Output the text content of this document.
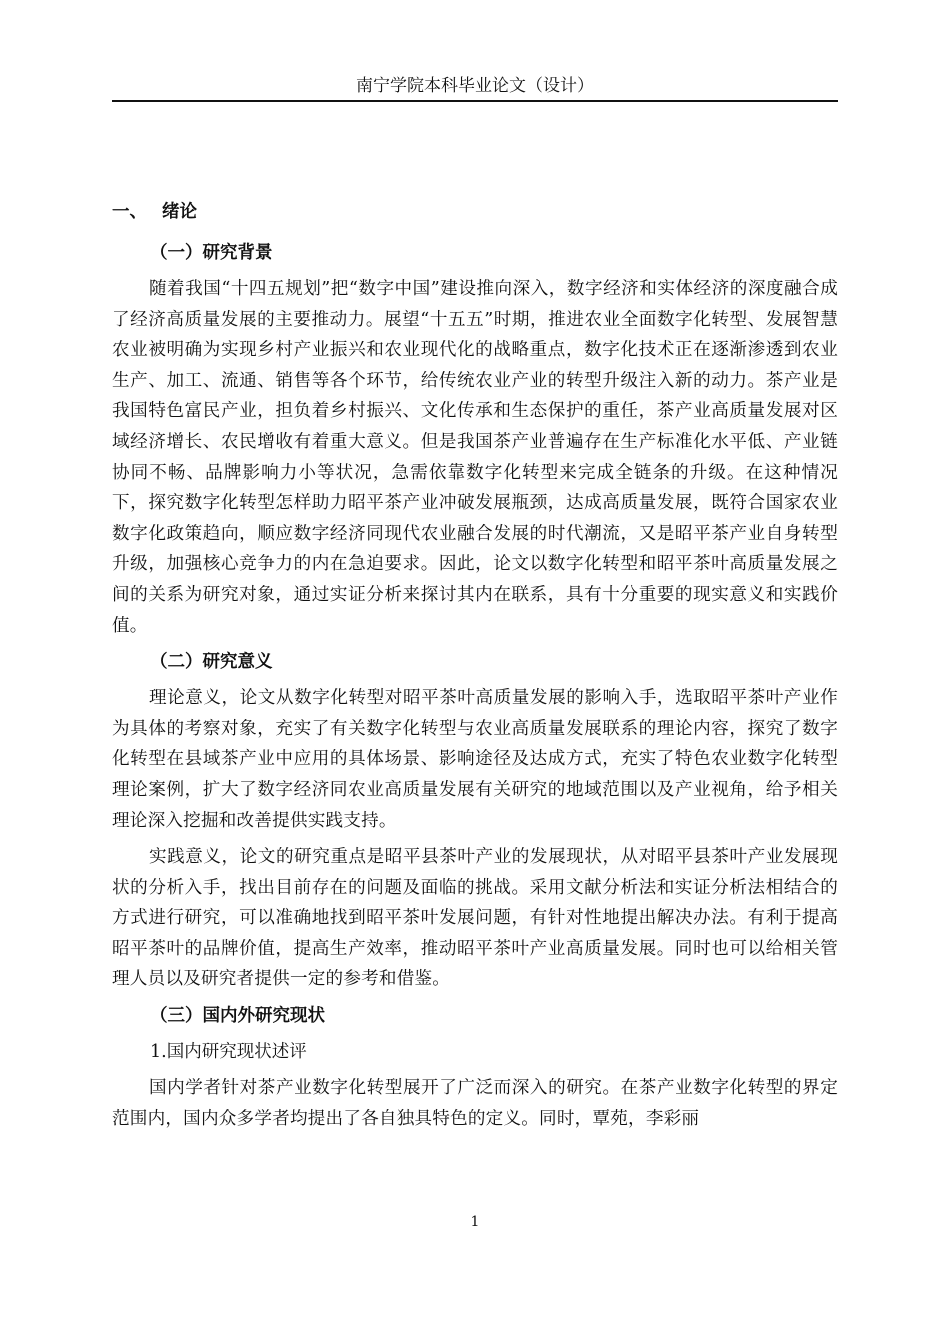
南宁学院本科毕业论文（设计）
一、 绪论
（一）研究背景

随着我国“十四五规划”把“数字中国”建设推向深入，数字经济和实体经济的深度融合成了经济高质量发展的主要推动力。展望“十五五”时期，推进农业全面数字化转型、发展智慧农业被明确为实现乡村产业振兴和农业现代化的战略重点，数字化技术正在逐渐渗透到农业生产、加工、流通、销售等各个环节，给传统农业产业的转型升级注入新的动力。茶产业是我国特色富民产业，担负着乡村振兴、文化传承和生态保护的重任，茶产业高质量发展对区域经济增长、农民增收有着重大意义。但是我国茶产业普遍存在生产标准化水平低、产业链协同不畅、品牌影响力小等状况，急需依靠数字化转型来完成全链条的升级。在这种情况下，探究数字化转型怎样助力昭平茶产业冲破发展瓶颈，达成高质量发展，既符合国家农业数字化政策趋向，顺应数字经济同现代农业融合发展的时代潮流，又是昭平茶产业自身转型升级，加强核心竞争力的内在急迫要求。因此，论文以数字化转型和昭平茶叶高质量发展之间的关系为研究对象，通过实证分析来探讨其内在联系，具有十分重要的现实意义和实践价值。

（二）研究意义

理论意义，论文从数字化转型对昭平茶叶高质量发展的影响入手，选取昭平茶叶产业作为具体的考察对象，充实了有关数字化转型与农业高质量发展联系的理论内容，探究了数字化转型在县域茶产业中应用的具体场景、影响途径及达成方式，充实了特色农业数字化转型理论案例，扩大了数字经济同农业高质量发展有关研究的地域范围以及产业视角，给予相关理论深入挖掘和改善提供实践支持。

实践意义，论文的研究重点是昭平县茶叶产业的发展现状，从对昭平县茶叶产业发展现状的分析入手，找出目前存在的问题及面临的挑战。采用文献分析法和实证分析法相结合的方式进行研究，可以准确地找到昭平茶叶发展问题，有针对性地提出解决办法。有利于提高昭平茶叶的品牌价值，提高生产效率，推动昭平茶叶产业高质量发展。同时也可以给相关管理人员以及研究者提供一定的参考和借鉴。

（三）国内外研究现状
1.国内研究现状述评

国内学者针对茶产业数字化转型展开了广泛而深入的研究。在茶产业数字化转型的界定范围内，国内众多学者均提出了各自独具特色的定义。同时，覃苑，李彩丽

1
